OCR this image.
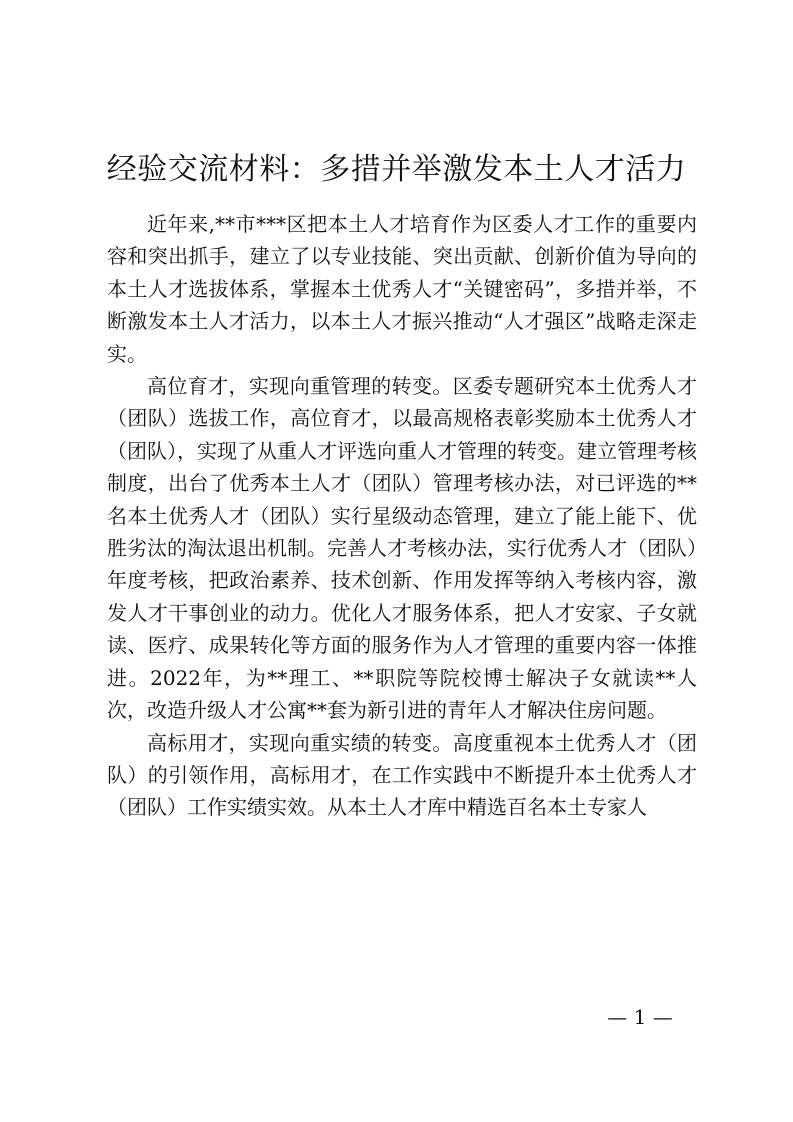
经验交流材料：多措并举激发本土人才活力

近年来,**市***区把本土人才培育作为区委人才工作的重要内容和突出抓手，建立了以专业技能、突出贡献、创新价值为导向的本土人才选拔体系，掌握本土优秀人才“关键密码”，多措并举，不断激发本土人才活力，以本土人才振兴推动“人才强区”战略走深走实。

高位育才，实现向重管理的转变。区委专题研究本土优秀人才（团队）选拔工作，高位育才，以最高规格表彰奖励本土优秀人才（团队），实现了从重人才评选向重人才管理的转变。建立管理考核制度，出台了优秀本土人才（团队）管理考核办法，对已评选的**名本土优秀人才（团队）实行星级动态管理，建立了能上能下、优胜劣汰的淘汰退出机制。完善人才考核办法，实行优秀人才（团队）年度考核，把政治素养、技术创新、作用发挥等纳入考核内容，激发人才干事创业的动力。优化人才服务体系，把人才安家、子女就读、医疗、成果转化等方面的服务作为人才管理的重要内容一体推进。2022年，为**理工、**职院等院校博士解决子女就读**人次，改造升级人才公寓**套为新引进的青年人才解决住房问题。

高标用才，实现向重实绩的转变。高度重视本土优秀人才（团队）的引领作用，高标用才，在工作实践中不断提升本土优秀人才（团队）工作实绩实效。从本土人才库中精选百名本土专家人

— 1 —
